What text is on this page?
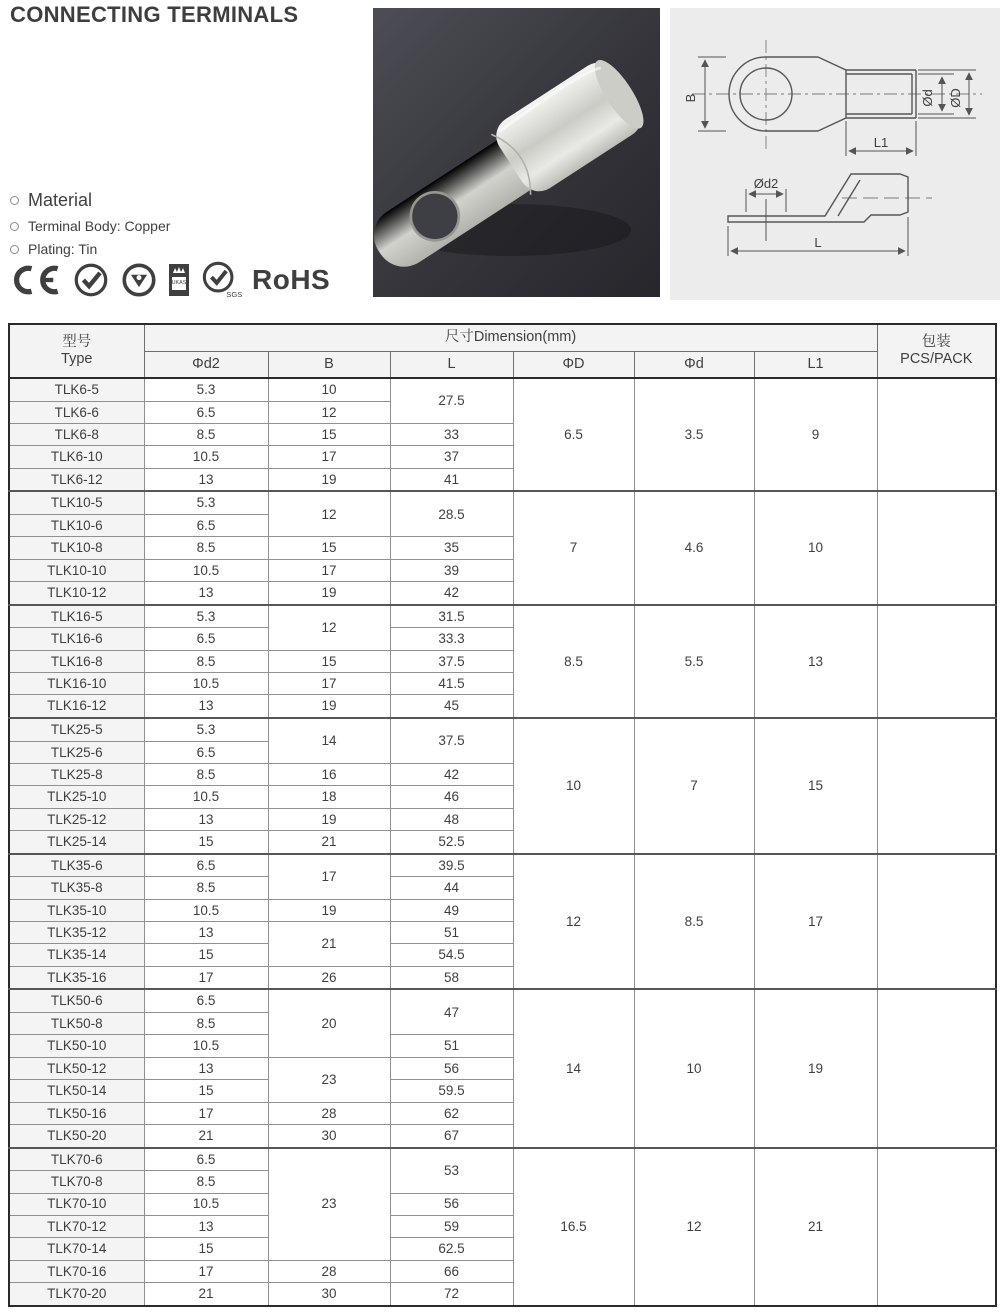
CONNECTING TERMINALS
Material
Terminal Body: Copper
Plating: Tin
UKAS
SGS RoHS
B	Ød ØD
L1
Ød2
L
型号
Type
	尺寸Dimension(mm)	包装
PCS/PACK

	Φd2	B	L	ΦD	Φd	L1	
TLK6-5	5.3	10	27.5	6.5	3.5	9	
TLK6-6	6.5	12					
TLK6-8	8.5	15	33				
TLK6-10	10.5	17	37				
TLK6-12	13	19	41				
TLK10-5	5.3	12	28.5	7	4.6	10	
TLK10-6	6.5						
TLK10-8	8.5	15	35				
TLK10-10	10.5	17	39				
TLK10-12	13	19	42				
TLK16-5	5.3	12	31.5	8.5	5.5	13	
TLK16-6	6.5		33.3				
TLK16-8	8.5	15	37.5				
TLK16-10	10.5	17	41.5				
TLK16-12	13	19	45				
TLK25-5	5.3	14	37.5	10	7	15	
TLK25-6	6.5						
TLK25-8	8.5	16	42				
TLK25-10	10.5	18	46				
TLK25-12	13	19	48				
TLK25-14	15	21	52.5				
TLK35-6	6.5	17	39.5	12	8.5	17	
TLK35-8	8.5		44				
TLK35-10	10.5	19	49				
TLK35-12	13	21	51				
TLK35-14	15		54.5				
TLK35-16	17	26	58				
TLK50-6	6.5	20	47	14	10	19	
TLK50-8	8.5						
TLK50-10	10.5		51				
TLK50-12	13	23	56				
TLK50-14	15		59.5				
TLK50-16	17	28	62				
TLK50-20	21	30	67				
TLK70-6	6.5	23	53	16.5	12	21	
TLK70-8	8.5						
TLK70-10	10.5		56				
TLK70-12	13		59				
TLK70-14	15		62.5				
TLK70-16	17	28	66				
TLK70-20	21	30	72				
